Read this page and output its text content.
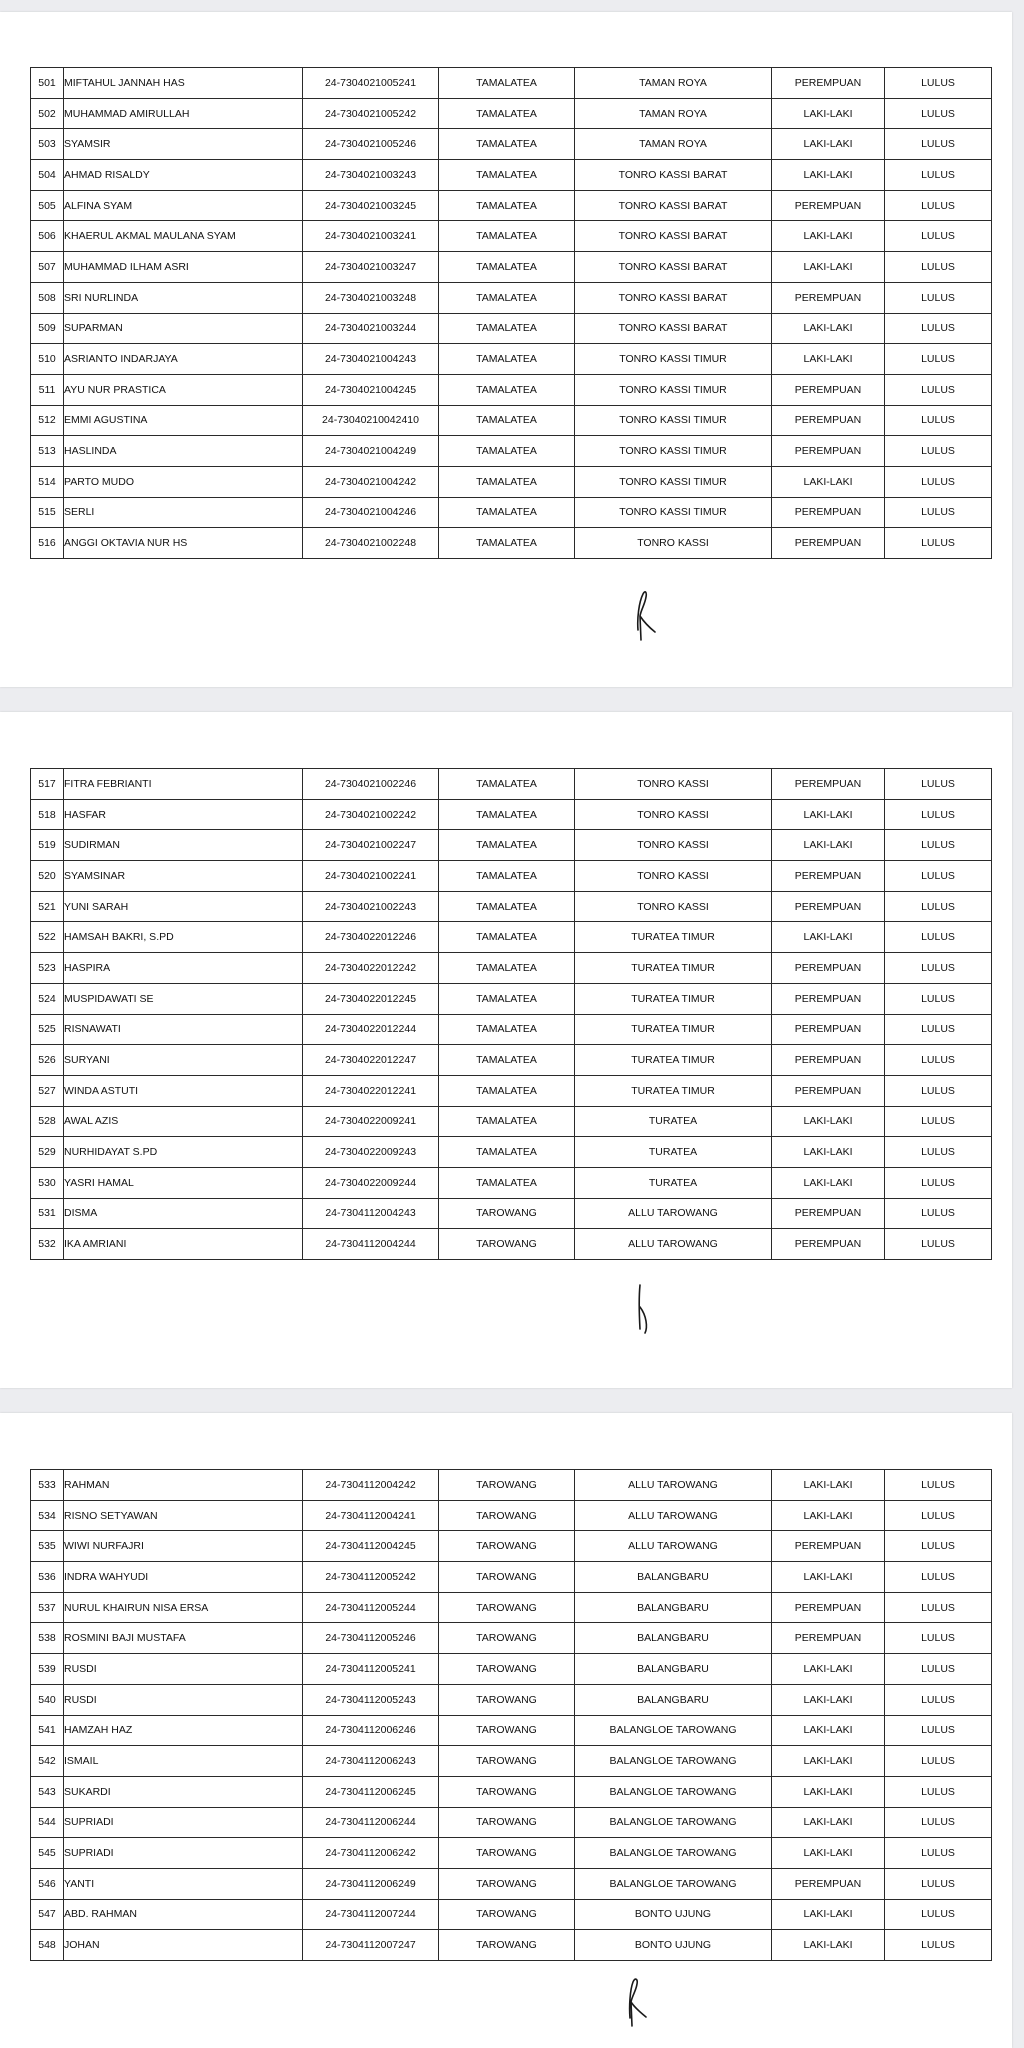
501	MIFTAHUL JANNAH HAS	24-7304021005241	TAMALATEA	TAMAN ROYA	PEREMPUAN	LULUS
502	MUHAMMAD AMIRULLAH	24-7304021005242	TAMALATEA	TAMAN ROYA	LAKI-LAKI	LULUS
503	SYAMSIR	24-7304021005246	TAMALATEA	TAMAN ROYA	LAKI-LAKI	LULUS
504	AHMAD RISALDY	24-7304021003243	TAMALATEA	TONRO KASSI BARAT	LAKI-LAKI	LULUS
505	ALFINA SYAM	24-7304021003245	TAMALATEA	TONRO KASSI BARAT	PEREMPUAN	LULUS
506	KHAERUL AKMAL MAULANA SYAM	24-7304021003241	TAMALATEA	TONRO KASSI BARAT	LAKI-LAKI	LULUS
507	MUHAMMAD ILHAM ASRI	24-7304021003247	TAMALATEA	TONRO KASSI BARAT	LAKI-LAKI	LULUS
508	SRI NURLINDA	24-7304021003248	TAMALATEA	TONRO KASSI BARAT	PEREMPUAN	LULUS
509	SUPARMAN	24-7304021003244	TAMALATEA	TONRO KASSI BARAT	LAKI-LAKI	LULUS
510	ASRIANTO INDARJAYA	24-7304021004243	TAMALATEA	TONRO KASSI TIMUR	LAKI-LAKI	LULUS
511	AYU NUR PRASTICA	24-7304021004245	TAMALATEA	TONRO KASSI TIMUR	PEREMPUAN	LULUS
512	EMMI AGUSTINA	24-73040210042410	TAMALATEA	TONRO KASSI TIMUR	PEREMPUAN	LULUS
513	HASLINDA	24-7304021004249	TAMALATEA	TONRO KASSI TIMUR	PEREMPUAN	LULUS
514	PARTO MUDO	24-7304021004242	TAMALATEA	TONRO KASSI TIMUR	LAKI-LAKI	LULUS
515	SERLI	24-7304021004246	TAMALATEA	TONRO KASSI TIMUR	PEREMPUAN	LULUS
516	ANGGI OKTAVIA NUR HS	24-7304021002248	TAMALATEA	TONRO KASSI	PEREMPUAN	LULUS
517	FITRA FEBRIANTI	24-7304021002246	TAMALATEA	TONRO KASSI	PEREMPUAN	LULUS
518	HASFAR	24-7304021002242	TAMALATEA	TONRO KASSI	LAKI-LAKI	LULUS
519	SUDIRMAN	24-7304021002247	TAMALATEA	TONRO KASSI	LAKI-LAKI	LULUS
520	SYAMSINAR	24-7304021002241	TAMALATEA	TONRO KASSI	PEREMPUAN	LULUS
521	YUNI SARAH	24-7304021002243	TAMALATEA	TONRO KASSI	PEREMPUAN	LULUS
522	HAMSAH BAKRI, S.PD	24-7304022012246	TAMALATEA	TURATEA TIMUR	LAKI-LAKI	LULUS
523	HASPIRA	24-7304022012242	TAMALATEA	TURATEA TIMUR	PEREMPUAN	LULUS
524	MUSPIDAWATI SE	24-7304022012245	TAMALATEA	TURATEA TIMUR	PEREMPUAN	LULUS
525	RISNAWATI	24-7304022012244	TAMALATEA	TURATEA TIMUR	PEREMPUAN	LULUS
526	SURYANI	24-7304022012247	TAMALATEA	TURATEA TIMUR	PEREMPUAN	LULUS
527	WINDA ASTUTI	24-7304022012241	TAMALATEA	TURATEA TIMUR	PEREMPUAN	LULUS
528	AWAL AZIS	24-7304022009241	TAMALATEA	TURATEA	LAKI-LAKI	LULUS
529	NURHIDAYAT S.PD	24-7304022009243	TAMALATEA	TURATEA	LAKI-LAKI	LULUS
530	YASRI HAMAL	24-7304022009244	TAMALATEA	TURATEA	LAKI-LAKI	LULUS
531	DISMA	24-7304112004243	TAROWANG	ALLU TAROWANG	PEREMPUAN	LULUS
532	IKA AMRIANI	24-7304112004244	TAROWANG	ALLU TAROWANG	PEREMPUAN	LULUS
533	RAHMAN	24-7304112004242	TAROWANG	ALLU TAROWANG	LAKI-LAKI	LULUS
534	RISNO SETYAWAN	24-7304112004241	TAROWANG	ALLU TAROWANG	LAKI-LAKI	LULUS
535	WIWI NURFAJRI	24-7304112004245	TAROWANG	ALLU TAROWANG	PEREMPUAN	LULUS
536	INDRA WAHYUDI	24-7304112005242	TAROWANG	BALANGBARU	LAKI-LAKI	LULUS
537	NURUL KHAIRUN NISA ERSA	24-7304112005244	TAROWANG	BALANGBARU	PEREMPUAN	LULUS
538	ROSMINI BAJI MUSTAFA	24-7304112005246	TAROWANG	BALANGBARU	PEREMPUAN	LULUS
539	RUSDI	24-7304112005241	TAROWANG	BALANGBARU	LAKI-LAKI	LULUS
540	RUSDI	24-7304112005243	TAROWANG	BALANGBARU	LAKI-LAKI	LULUS
541	HAMZAH HAZ	24-7304112006246	TAROWANG	BALANGLOE TAROWANG	LAKI-LAKI	LULUS
542	ISMAIL	24-7304112006243	TAROWANG	BALANGLOE TAROWANG	LAKI-LAKI	LULUS
543	SUKARDI	24-7304112006245	TAROWANG	BALANGLOE TAROWANG	LAKI-LAKI	LULUS
544	SUPRIADI	24-7304112006244	TAROWANG	BALANGLOE TAROWANG	LAKI-LAKI	LULUS
545	SUPRIADI	24-7304112006242	TAROWANG	BALANGLOE TAROWANG	LAKI-LAKI	LULUS
546	YANTI	24-7304112006249	TAROWANG	BALANGLOE TAROWANG	PEREMPUAN	LULUS
547	ABD. RAHMAN	24-7304112007244	TAROWANG	BONTO UJUNG	LAKI-LAKI	LULUS
548	JOHAN	24-7304112007247	TAROWANG	BONTO UJUNG	LAKI-LAKI	LULUS
